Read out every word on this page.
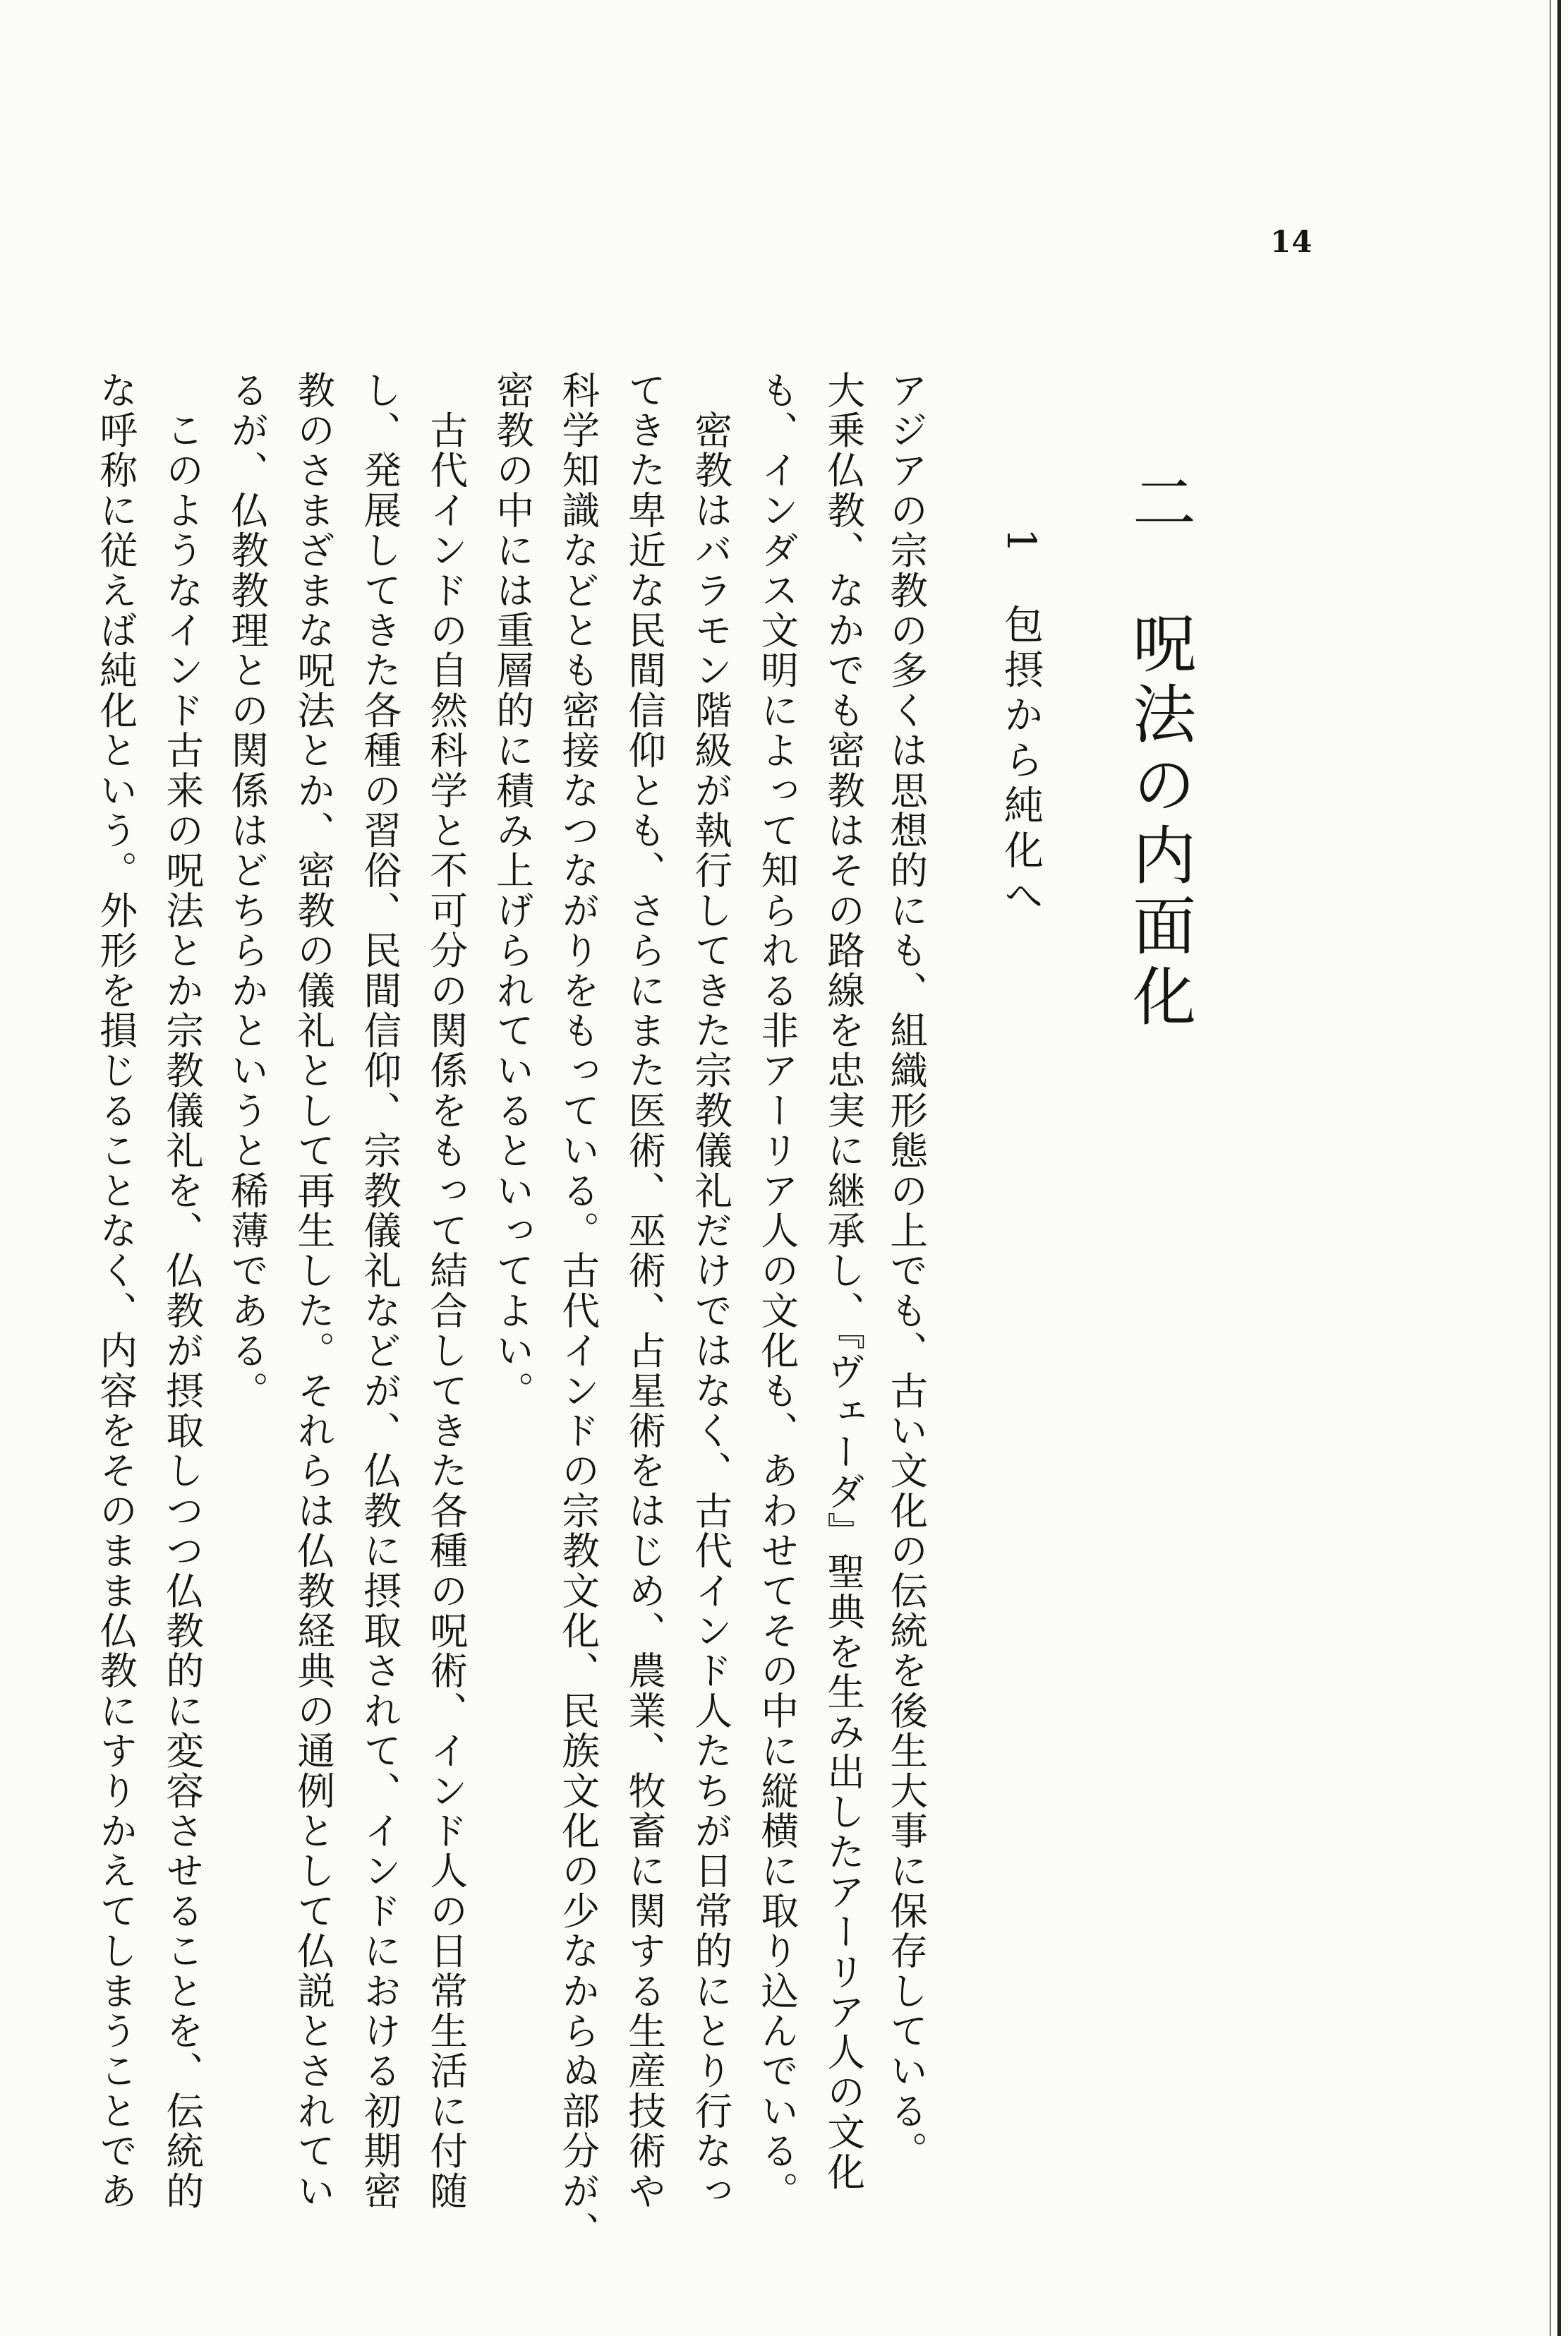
14
二　呪法の内面化
1包摂から純化へ
アジアの宗教の多くは思想的にも、組織形態の上でも、古い文化の伝統を後生大事に保存している。
大乗仏教、なかでも密教はその路線を忠実に継承し、『ヴェーダ』聖典を生み出したアーリア人の文化
も、インダス文明によって知られる非アーリア人の文化も、あわせてその中に縦横に取り込んでいる。
　密教はバラモン階級が執行してきた宗教儀礼だけではなく、古代インド人たちが日常的にとり行なっ
てきた卑近な民間信仰とも、さらにまた医術、巫術、占星術をはじめ、農業、牧畜に関する生産技術や
科学知識などとも密接なつながりをもっている。古代インドの宗教文化、民族文化の少なからぬ部分が、
密教の中には重層的に積み上げられているといってよい。
　古代インドの自然科学と不可分の関係をもって結合してきた各種の呪術、インド人の日常生活に付随
し、発展してきた各種の習俗、民間信仰、宗教儀礼などが、仏教に摂取されて、インドにおける初期密
教のさまざまな呪法とか、密教の儀礼として再生した。それらは仏教経典の通例として仏説とされてい
るが、仏教教理との関係はどちらかというと稀薄である。
　このようなインド古来の呪法とか宗教儀礼を、仏教が摂取しつつ仏教的に変容させることを、伝統的
な呼称に従えば純化という。外形を損じることなく、内容をそのまま仏教にすりかえてしまうことであ
